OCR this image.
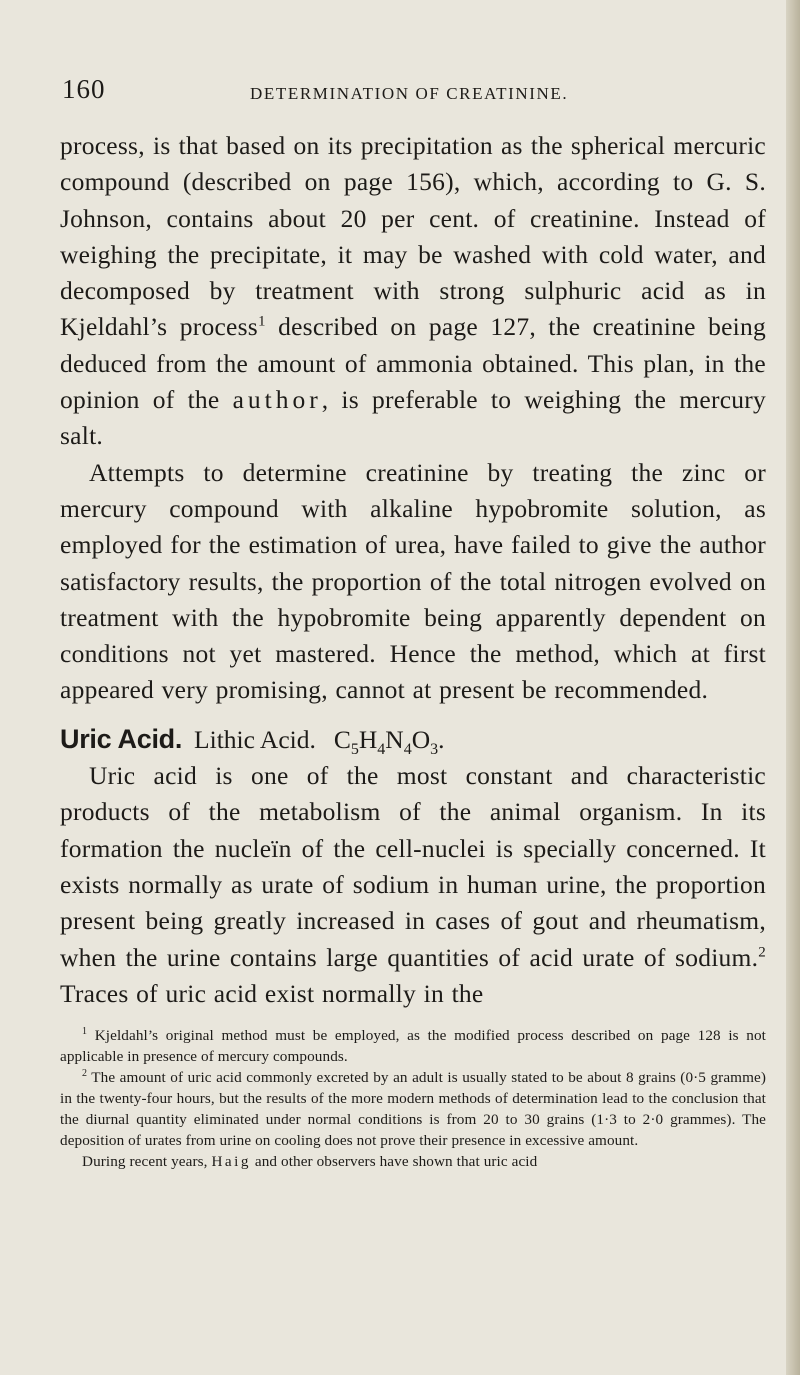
160	DETERMINATION OF CREATININE.

process, is that based on its precipitation as the spherical mercuric compound (described on page 156), which, according to G. S. Johnson, contains about 20 per cent. of creatinine. Instead of weighing the precipitate, it may be washed with cold water, and decomposed by treatment with strong sulphuric acid as in Kjeldahl’s process$^1$ described on page 127, the creatinine being deduced from the amount of ammonia obtained. This plan, in the opinion of the author, is preferable to weighing the mercury salt.

Attempts to determine creatinine by treating the zinc or mercury compound with alkaline hypobromite solution, as employed for the estimation of urea, have failed to give the author satisfactory results, the proportion of the total nitrogen evolved on treatment with the hypobromite being apparently dependent on conditions not yet mastered. Hence the method, which at first appeared very promising, cannot at present be recommended.

Uric Acid. Lithic Acid. $C_5H_4N_4O_3$.

Uric acid is one of the most constant and characteristic products of the metabolism of the animal organism. In its formation the nucleïn of the cell-nuclei is specially concerned. It exists normally as urate of sodium in human urine, the proportion present being greatly increased in cases of gout and rheumatism, when the urine contains large quantities of acid urate of sodium.$^2$ Traces of uric acid exist normally in the

$^1$ Kjeldahl’s original method must be employed, as the modified process described on page 128 is not applicable in presence of mercury compounds.

$^2$ The amount of uric acid commonly excreted by an adult is usually stated to be about 8 grains (0·5 gramme) in the twenty-four hours, but the results of the more modern methods of determination lead to the conclusion that the diurnal quantity eliminated under normal conditions is from 20 to 30 grains (1·3 to 2·0 grammes). The deposition of urates from urine on cooling does not prove their presence in excessive amount.

During recent years, Haig and other observers have shown that uric acid
